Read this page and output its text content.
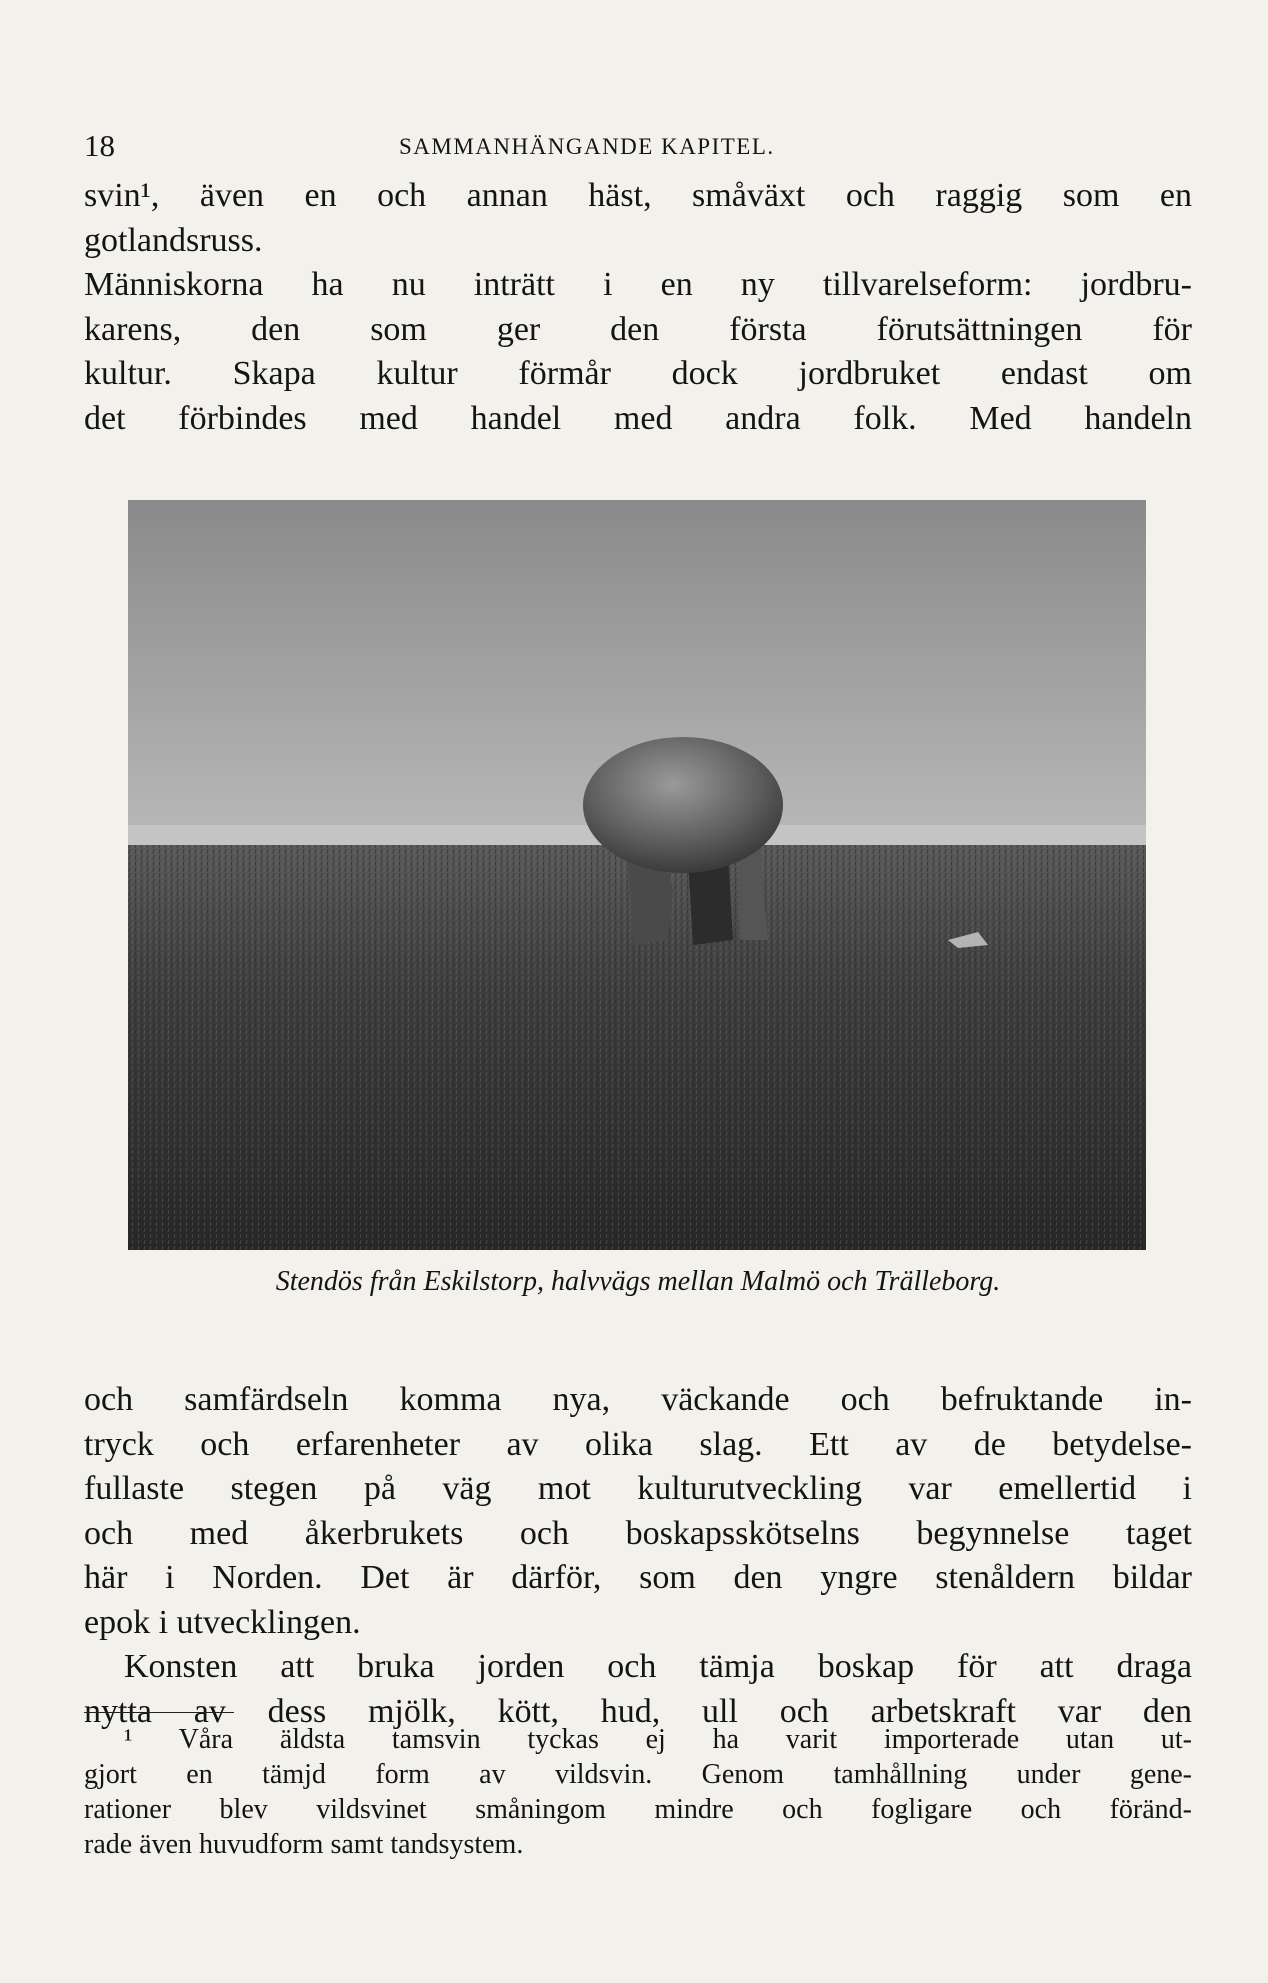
18	SAMMANHÄNGANDE KAPITEL.
svin¹, även en och annan häst, småväxt och raggig som en
gotlandsruss.
Människorna ha nu inträtt i en ny tillvarelseform: jordbru-
karens, den som ger den första förutsättningen för
kultur. Skapa kultur förmår dock jordbruket endast om
det förbindes med handel med andra folk. Med handeln
Stendös från Eskilstorp, halvvägs mellan Malmö och Trälleborg.
och samfärdseln komma nya, väckande och befruktande in-
tryck och erfarenheter av olika slag. Ett av de betydelse-
fullaste stegen på väg mot kulturutveckling var emellertid i
och med åkerbrukets och boskapsskötselns begynnelse taget
här i Norden. Det är därför, som den yngre stenåldern bildar
epok i utvecklingen.
Konsten att bruka jorden och tämja boskap för att draga
nytta av dess mjölk, kött, hud, ull och arbetskraft var den
¹ Våra äldsta tamsvin tyckas ej ha varit importerade utan ut-
gjort en tämjd form av vildsvin. Genom tamhållning under gene-
rationer blev vildsvinet småningom mindre och fogligare och föränd-
rade även huvudform samt tandsystem.
